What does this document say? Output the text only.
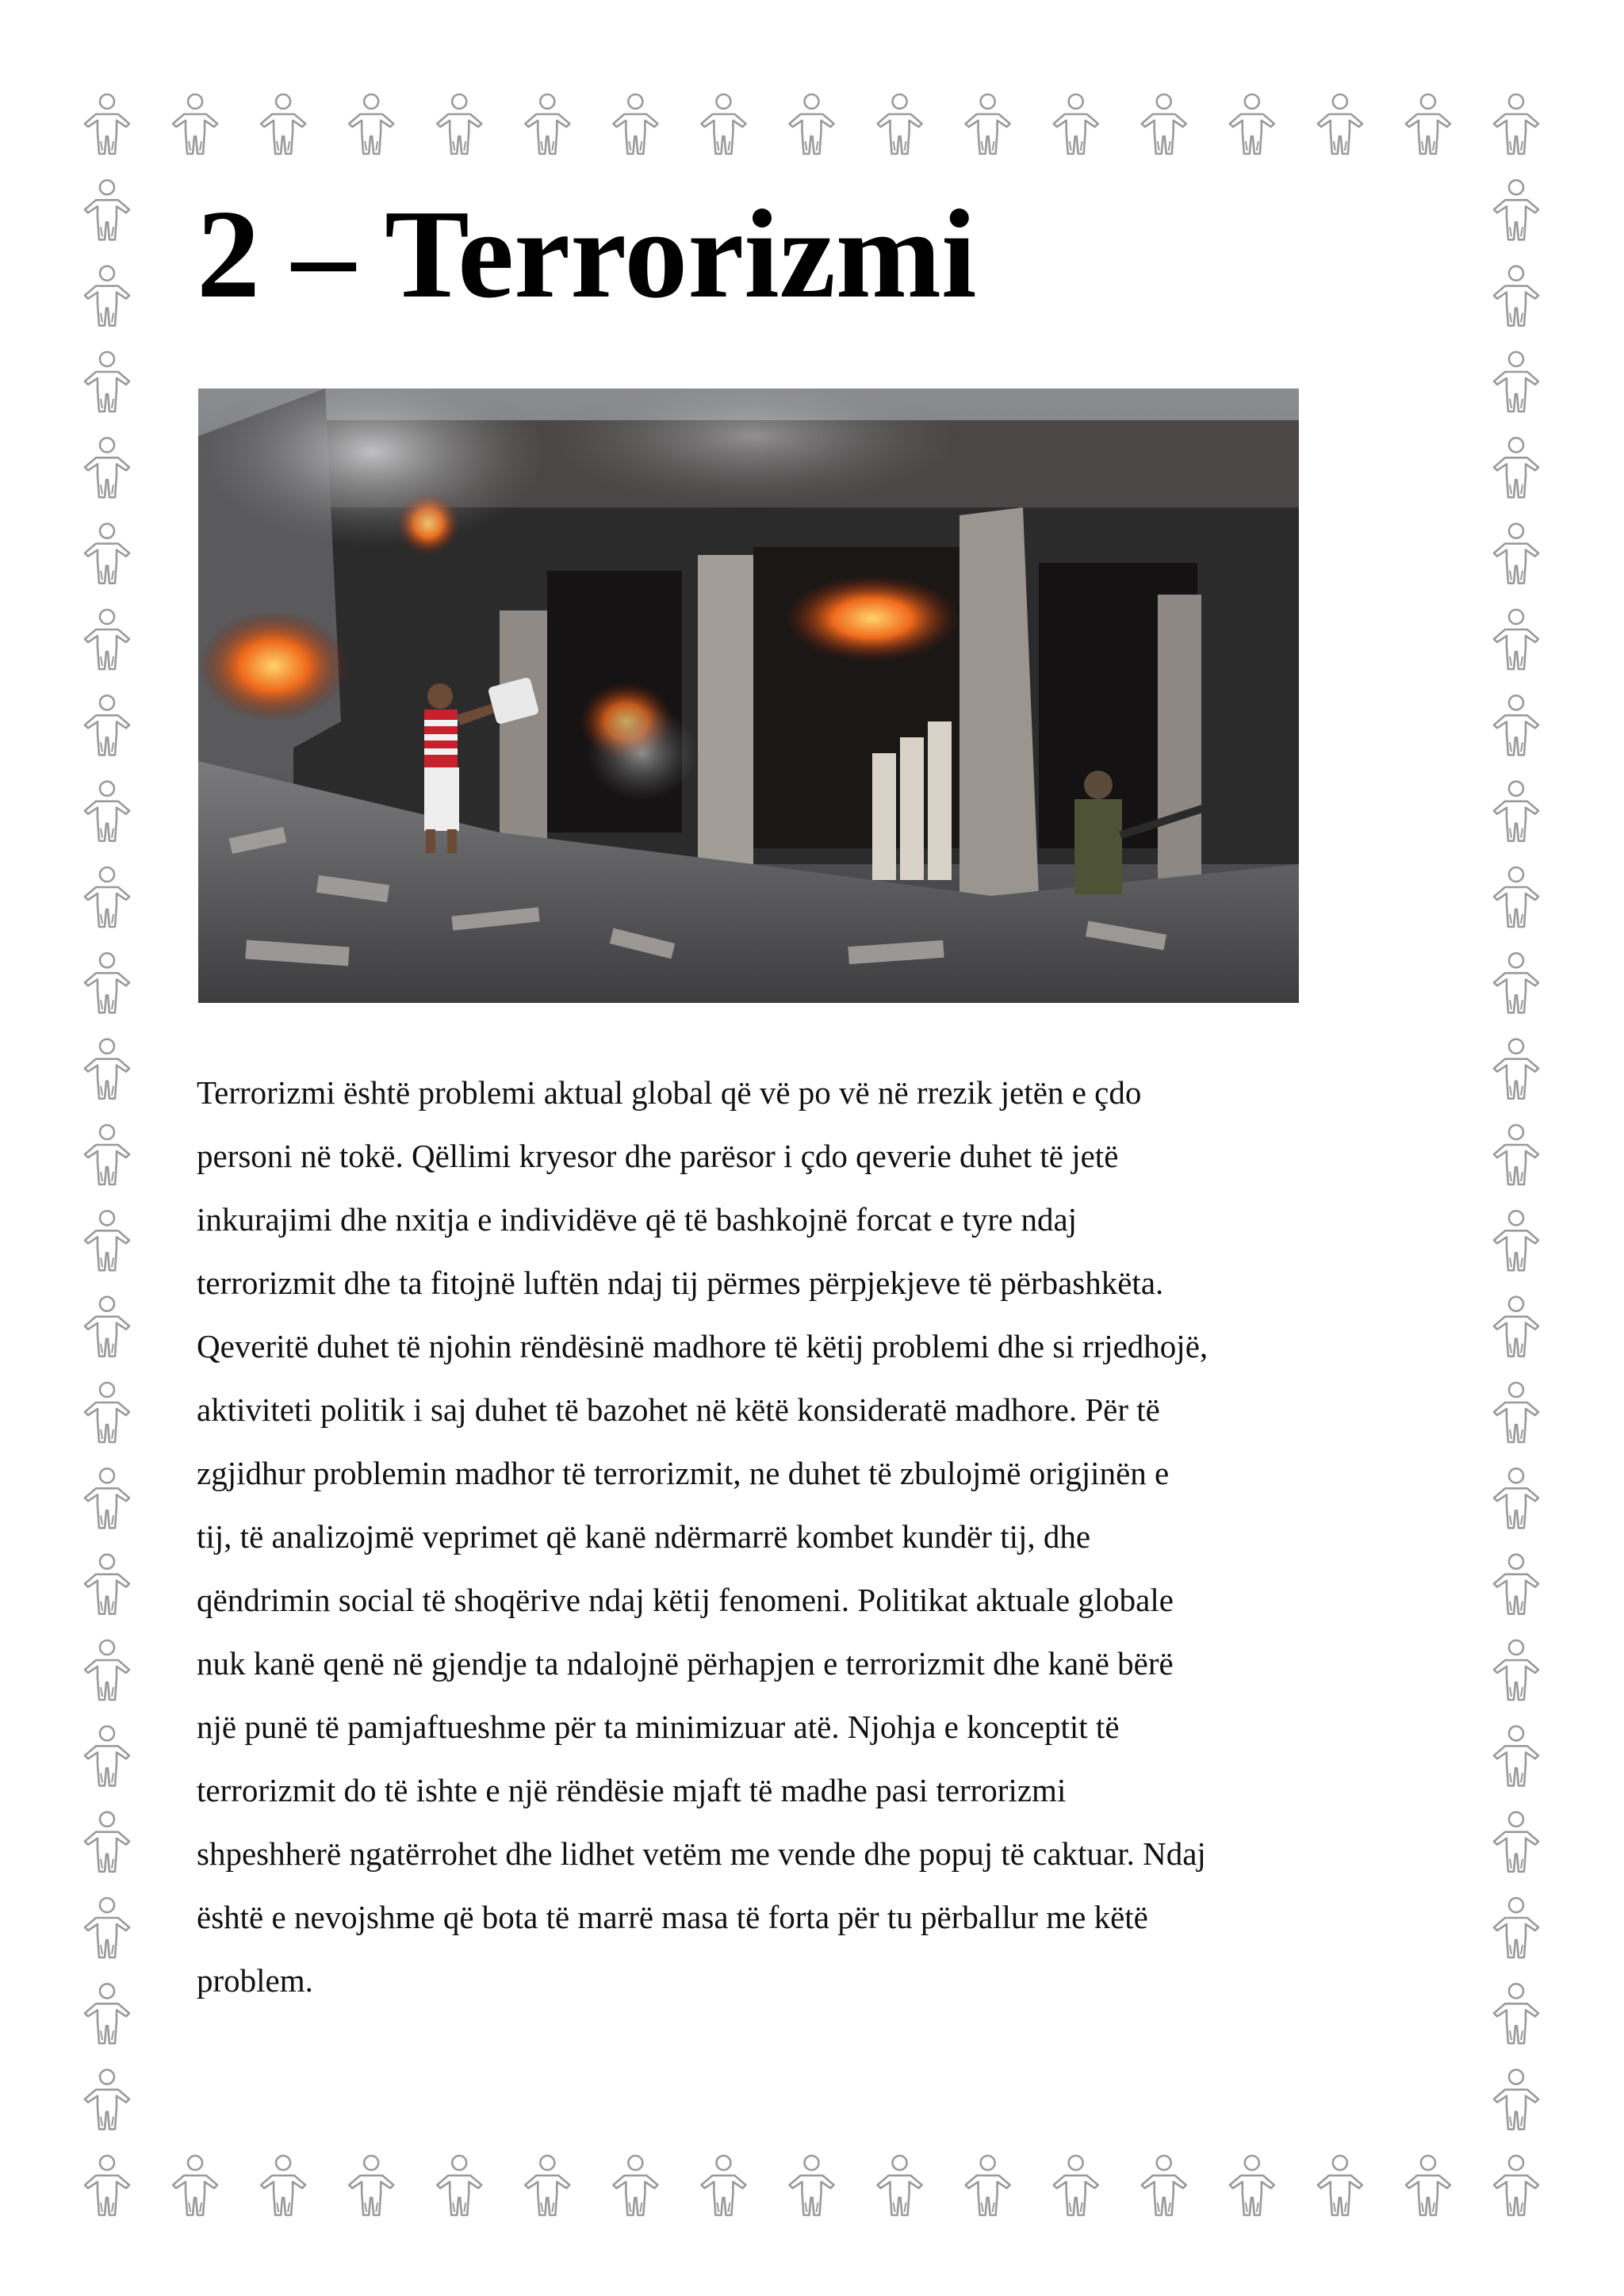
2 – Terrorizmi
Terrorizmi është problemi aktual global që vë po vë në rrezik jetën e çdo
personi në tokë. Qëllimi kryesor dhe parësor i çdo qeverie duhet të jetë
inkurajimi dhe nxitja e individëve që të bashkojnë forcat e tyre ndaj
terrorizmit dhe ta fitojnë luftën ndaj tij përmes përpjekjeve të përbashkëta.
Qeveritë duhet të njohin rëndësinë madhore të këtij problemi dhe si rrjedhojë,
aktiviteti politik i saj duhet të bazohet në këtë konsideratë madhore. Për të
zgjidhur problemin madhor të terrorizmit, ne duhet të zbulojmë origjinën e
tij, të analizojmë veprimet që kanë ndërmarrë kombet kundër tij, dhe
qëndrimin social të shoqërive ndaj këtij fenomeni. Politikat aktuale globale
nuk kanë qenë në gjendje ta ndalojnë përhapjen e terrorizmit dhe kanë bërë
një punë të pamjaftueshme për ta minimizuar atë. Njohja e konceptit të
terrorizmit do të ishte e një rëndësie mjaft të madhe pasi terrorizmi
shpeshherë ngatërrohet dhe lidhet vetëm me vende dhe popuj të caktuar. Ndaj
është e nevojshme që bota të marrë masa të forta për tu përballur me këtë
problem.
